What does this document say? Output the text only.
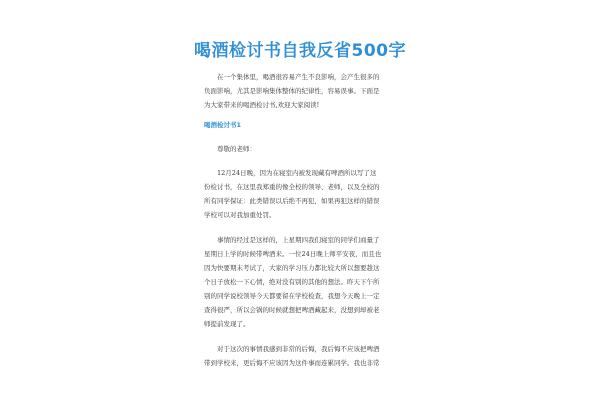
喝酒检讨书自我反省500字

在一个集体里，喝酒很容易产生不良影响，会产生很多的
负面影响，尤其是影响集体整体的纪律性，容易误事。下面是
为大家带来的喝酒检讨书,欢迎大家阅读!

喝酒检讨书1

尊敬的老师：

12月24日晚，因为在寝室内被发现藏有啤酒所以写了这
份检讨书，在这里我郑重的像全校的领导、老师，以及全校的
所有同学保证：此类错误以后绝不再犯，如果再犯这样的错误
学校可以对我加重处罚。

事情的经过是这样的，上星期四我们寝室的同学们商量了
星期日上学的时候带啤酒来。一位24日晚上师平安夜，而且也
因为快要期末考试了，大家的学习压力都比较大所以想要趁这
个日子放松一下心情，绝对没有别的其他的想法。昨天下午所
别的同学说校领导今天都要留在学校检查，我想今天晚上一定
查得很严，所以会锅的时候就想把啤酒藏起来，没想到却被老
师提前发现了。

对于这次的事情我感到非常的后悔，我后悔不应该把啤酒
带到学校来，更后悔不应该因为这件事而连累同学。我也非常
